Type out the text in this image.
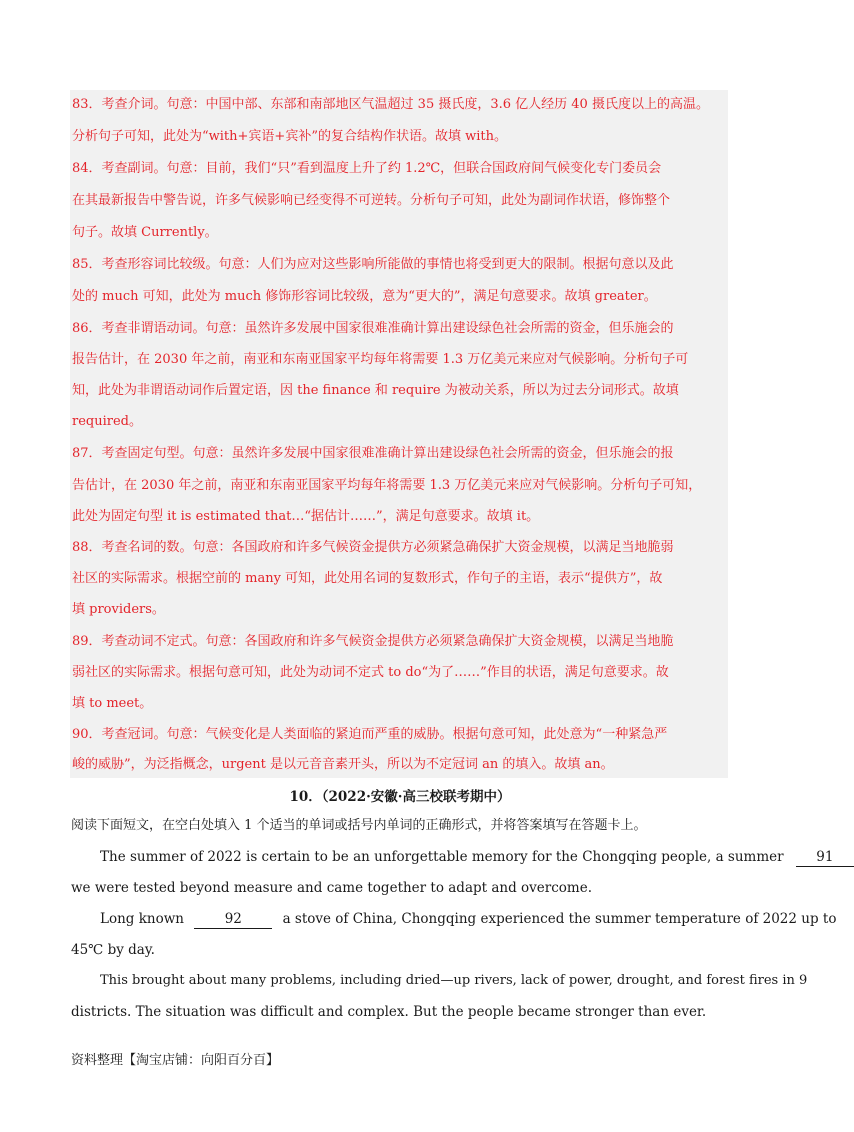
83．考查介词。句意：中国中部、东部和南部地区气温超过 35 摄氏度，3.6 亿人经历 40 摄氏度以上的高温。
分析句子可知，此处为“with+宾语+宾补”的复合结构作状语。故填 with。
84．考查副词。句意：目前，我们“只”看到温度上升了约 1.2℃，但联合国政府间气候变化专门委员会
在其最新报告中警告说，许多气候影响已经变得不可逆转。分析句子可知，此处为副词作状语，修饰整个
句子。故填 Currently。
85．考查形容词比较级。句意：人们为应对这些影响所能做的事情也将受到更大的限制。根据句意以及此
处的 much 可知，此处为 much 修饰形容词比较级，意为“更大的”，满足句意要求。故填 greater。
86．考查非谓语动词。句意：虽然许多发展中国家很难准确计算出建设绿色社会所需的资金，但乐施会的
报告估计，在 2030 年之前，南亚和东南亚国家平均每年将需要 1.3 万亿美元来应对气候影响。分析句子可
知，此处为非谓语动词作后置定语，因 the finance 和 require 为被动关系，所以为过去分词形式。故填
required。
87．考查固定句型。句意：虽然许多发展中国家很难准确计算出建设绿色社会所需的资金，但乐施会的报
告估计，在 2030 年之前，南亚和东南亚国家平均每年将需要 1.3 万亿美元来应对气候影响。分析句子可知，
此处为固定句型 it is estimated that…“据估计……”，满足句意要求。故填 it。
88．考查名词的数。句意：各国政府和许多气候资金提供方必须紧急确保扩大资金规模，以满足当地脆弱
社区的实际需求。根据空前的 many 可知，此处用名词的复数形式，作句子的主语，表示“提供方”，故
填 providers。
89．考查动词不定式。句意：各国政府和许多气候资金提供方必须紧急确保扩大资金规模，以满足当地脆
弱社区的实际需求。根据句意可知，此处为动词不定式 to do“为了……”作目的状语，满足句意要求。故
填 to meet。
90．考查冠词。句意：气候变化是人类面临的紧迫而严重的威胁。根据句意可知，此处意为“一种紧急严
峻的威胁”，为泛指概念，urgent 是以元音音素开头，所以为不定冠词 an 的填入。故填 an。
10．（2022·安徽·高三校联考期中）
阅读下面短文，在空白处填入 1 个适当的单词或括号内单词的正确形式，并将答案填写在答题卡上。
The summer of 2022 is certain to be an unforgettable memory for the Chongqing people, a summer 91
we were tested beyond measure and came together to adapt and overcome.
Long known	92	a stove of China, Chongqing experienced the summer temperature of 2022 up to
45℃ by day.
This brought about many problems, including dried—up rivers, lack of power, drought, and forest fires in 9
districts. The situation was difficult and complex. But the people became stronger than ever.
资料整理【淘宝店铺：向阳百分百】
